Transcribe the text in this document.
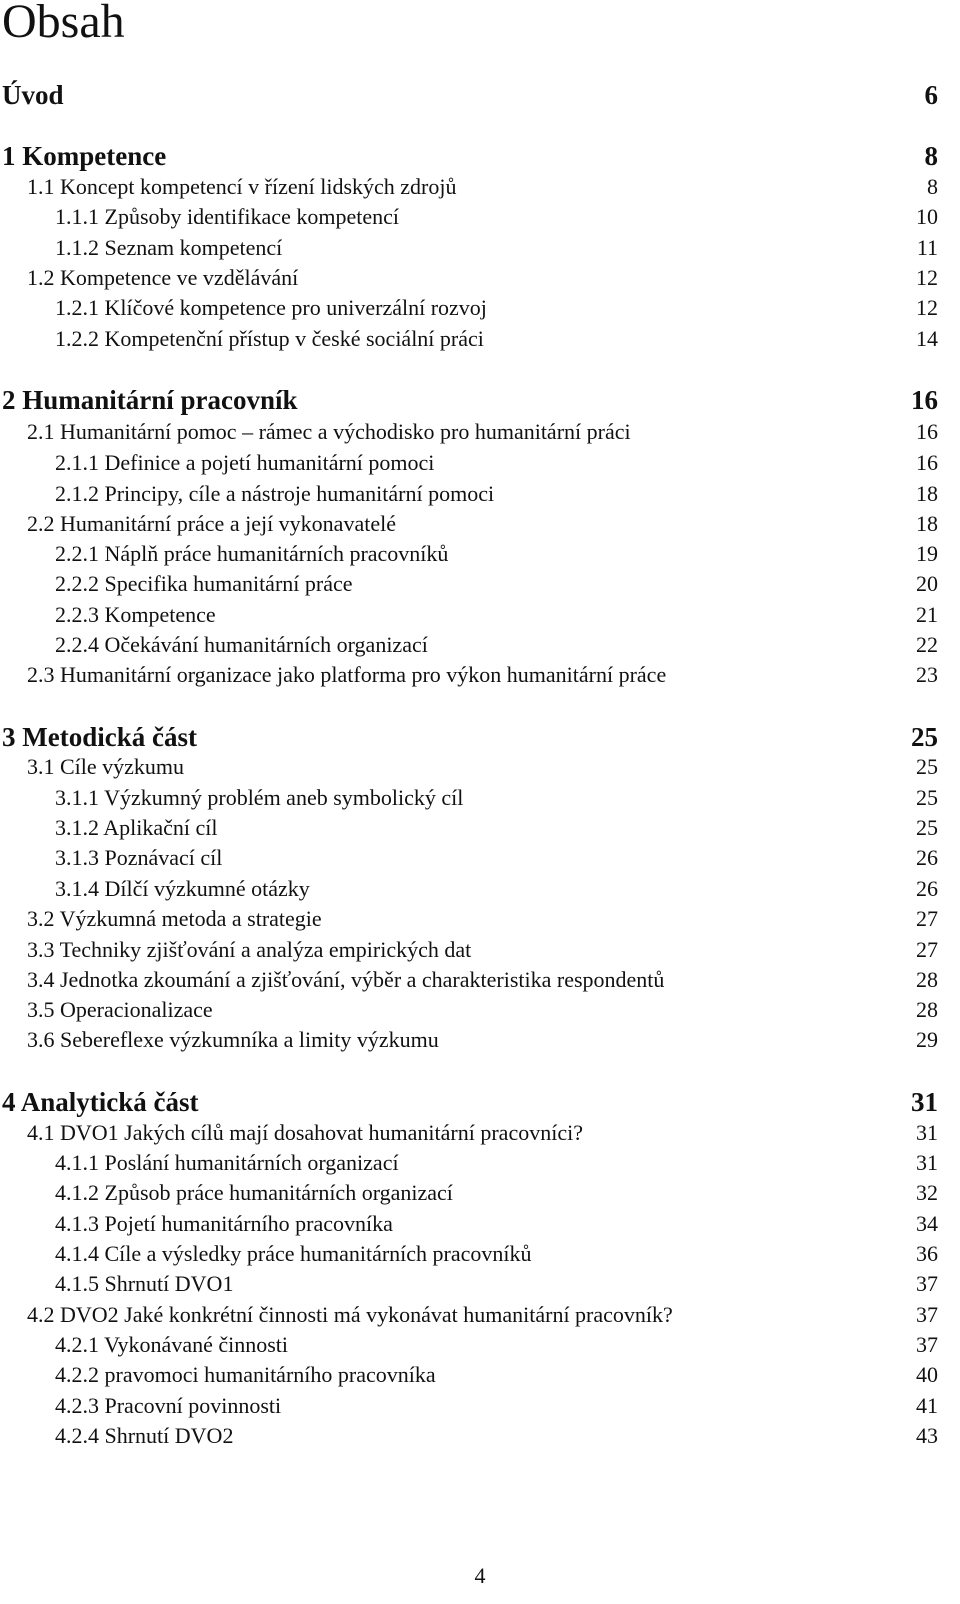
Obsah
Úvod	6
1 Kompetence	8
1.1 Koncept kompetencí v řízení lidských zdrojů	8
1.1.1 Způsoby identifikace kompetencí	10
1.1.2 Seznam kompetencí	11
1.2 Kompetence ve vzdělávání	12
1.2.1 Klíčové kompetence pro univerzální rozvoj	12
1.2.2 Kompetenční přístup v české sociální práci	14
2 Humanitární pracovník	16
2.1 Humanitární pomoc – rámec a východisko pro humanitární práci	16
2.1.1 Definice a pojetí humanitární pomoci	16
2.1.2 Principy, cíle a nástroje humanitární pomoci	18
2.2 Humanitární práce a její vykonavatelé	18
2.2.1 Náplň práce humanitárních pracovníků	19
2.2.2 Specifika humanitární práce	20
2.2.3 Kompetence	21
2.2.4 Očekávání humanitárních organizací	22
2.3 Humanitární organizace jako platforma pro výkon humanitární práce	23
3 Metodická část	25
3.1 Cíle výzkumu	25
3.1.1 Výzkumný problém aneb symbolický cíl	25
3.1.2 Aplikační cíl	25
3.1.3 Poznávací cíl	26
3.1.4 Dílčí výzkumné otázky	26
3.2 Výzkumná metoda a strategie	27
3.3 Techniky zjišťování a analýza empirických dat	27
3.4 Jednotka zkoumání a zjišťování, výběr a charakteristika respondentů	28
3.5 Operacionalizace	28
3.6 Sebereflexe výzkumníka a limity výzkumu	29
4 Analytická část	31
4.1 DVO1 Jakých cílů mají dosahovat humanitární pracovníci?	31
4.1.1 Poslání humanitárních organizací	31
4.1.2 Způsob práce humanitárních organizací	32
4.1.3 Pojetí humanitárního pracovníka	34
4.1.4 Cíle a výsledky práce humanitárních pracovníků	36
4.1.5 Shrnutí DVO1	37
4.2 DVO2 Jaké konkrétní činnosti má vykonávat humanitární pracovník?	37
4.2.1 Vykonávané činnosti	37
4.2.2 pravomoci humanitárního pracovníka	40
4.2.3 Pracovní povinnosti	41
4.2.4 Shrnutí DVO2	43
4
